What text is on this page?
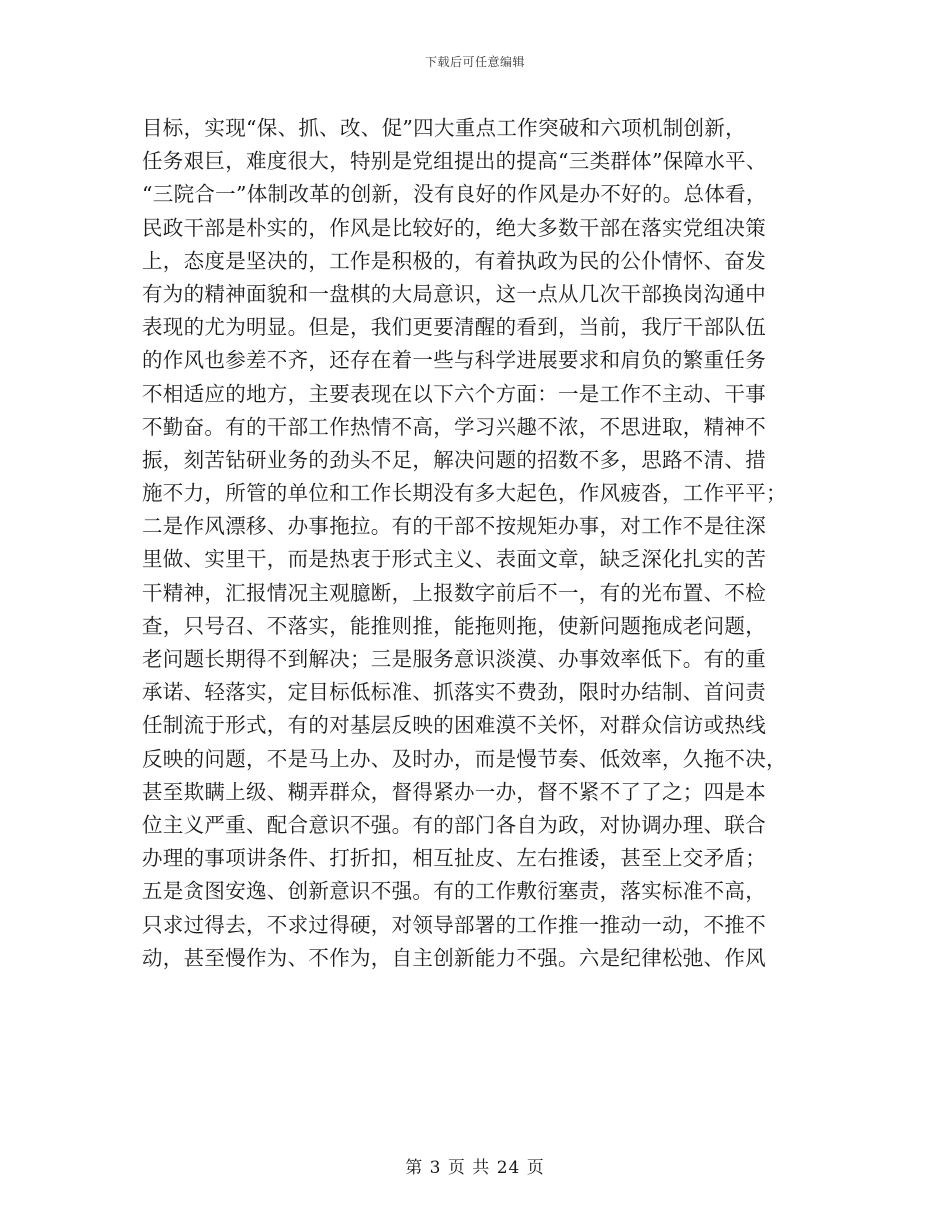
下载后可任意编辑
目标，实现“保、抓、改、促”四大重点工作突破和六项机制创新，
任务艰巨，难度很大，特别是党组提出的提高“三类群体”保障水平、
“三院合一”体制改革的创新，没有良好的作风是办不好的。总体看，
民政干部是朴实的，作风是比较好的，绝大多数干部在落实党组决策
上，态度是坚决的，工作是积极的，有着执政为民的公仆情怀、奋发
有为的精神面貌和一盘棋的大局意识，这一点从几次干部换岗沟通中
表现的尤为明显。但是，我们更要清醒的看到，当前，我厅干部队伍
的作风也参差不齐，还存在着一些与科学进展要求和肩负的繁重任务
不相适应的地方，主要表现在以下六个方面：一是工作不主动、干事
不勤奋。有的干部工作热情不高，学习兴趣不浓，不思进取，精神不
振，刻苦钻研业务的劲头不足，解决问题的招数不多，思路不清、措
施不力，所管的单位和工作长期没有多大起色，作风疲沓，工作平平；
二是作风漂移、办事拖拉。有的干部不按规矩办事，对工作不是往深
里做、实里干，而是热衷于形式主义、表面文章，缺乏深化扎实的苦
干精神，汇报情况主观臆断，上报数字前后不一，有的光布置、不检
查，只号召、不落实，能推则推，能拖则拖，使新问题拖成老问题，
老问题长期得不到解决；三是服务意识淡漠、办事效率低下。有的重
承诺、轻落实，定目标低标准、抓落实不费劲，限时办结制、首问责
任制流于形式，有的对基层反映的困难漠不关怀，对群众信访或热线
反映的问题，不是马上办、及时办，而是慢节奏、低效率，久拖不决，
甚至欺瞒上级、糊弄群众，督得紧办一办，督不紧不了了之；四是本
位主义严重、配合意识不强。有的部门各自为政，对协调办理、联合
办理的事项讲条件、打折扣，相互扯皮、左右推诿，甚至上交矛盾；
五是贪图安逸、创新意识不强。有的工作敷衍塞责，落实标准不高，
只求过得去，不求过得硬，对领导部署的工作推一推动一动，不推不
动，甚至慢作为、不作为，自主创新能力不强。六是纪律松弛、作风
第 3 页 共 24 页
